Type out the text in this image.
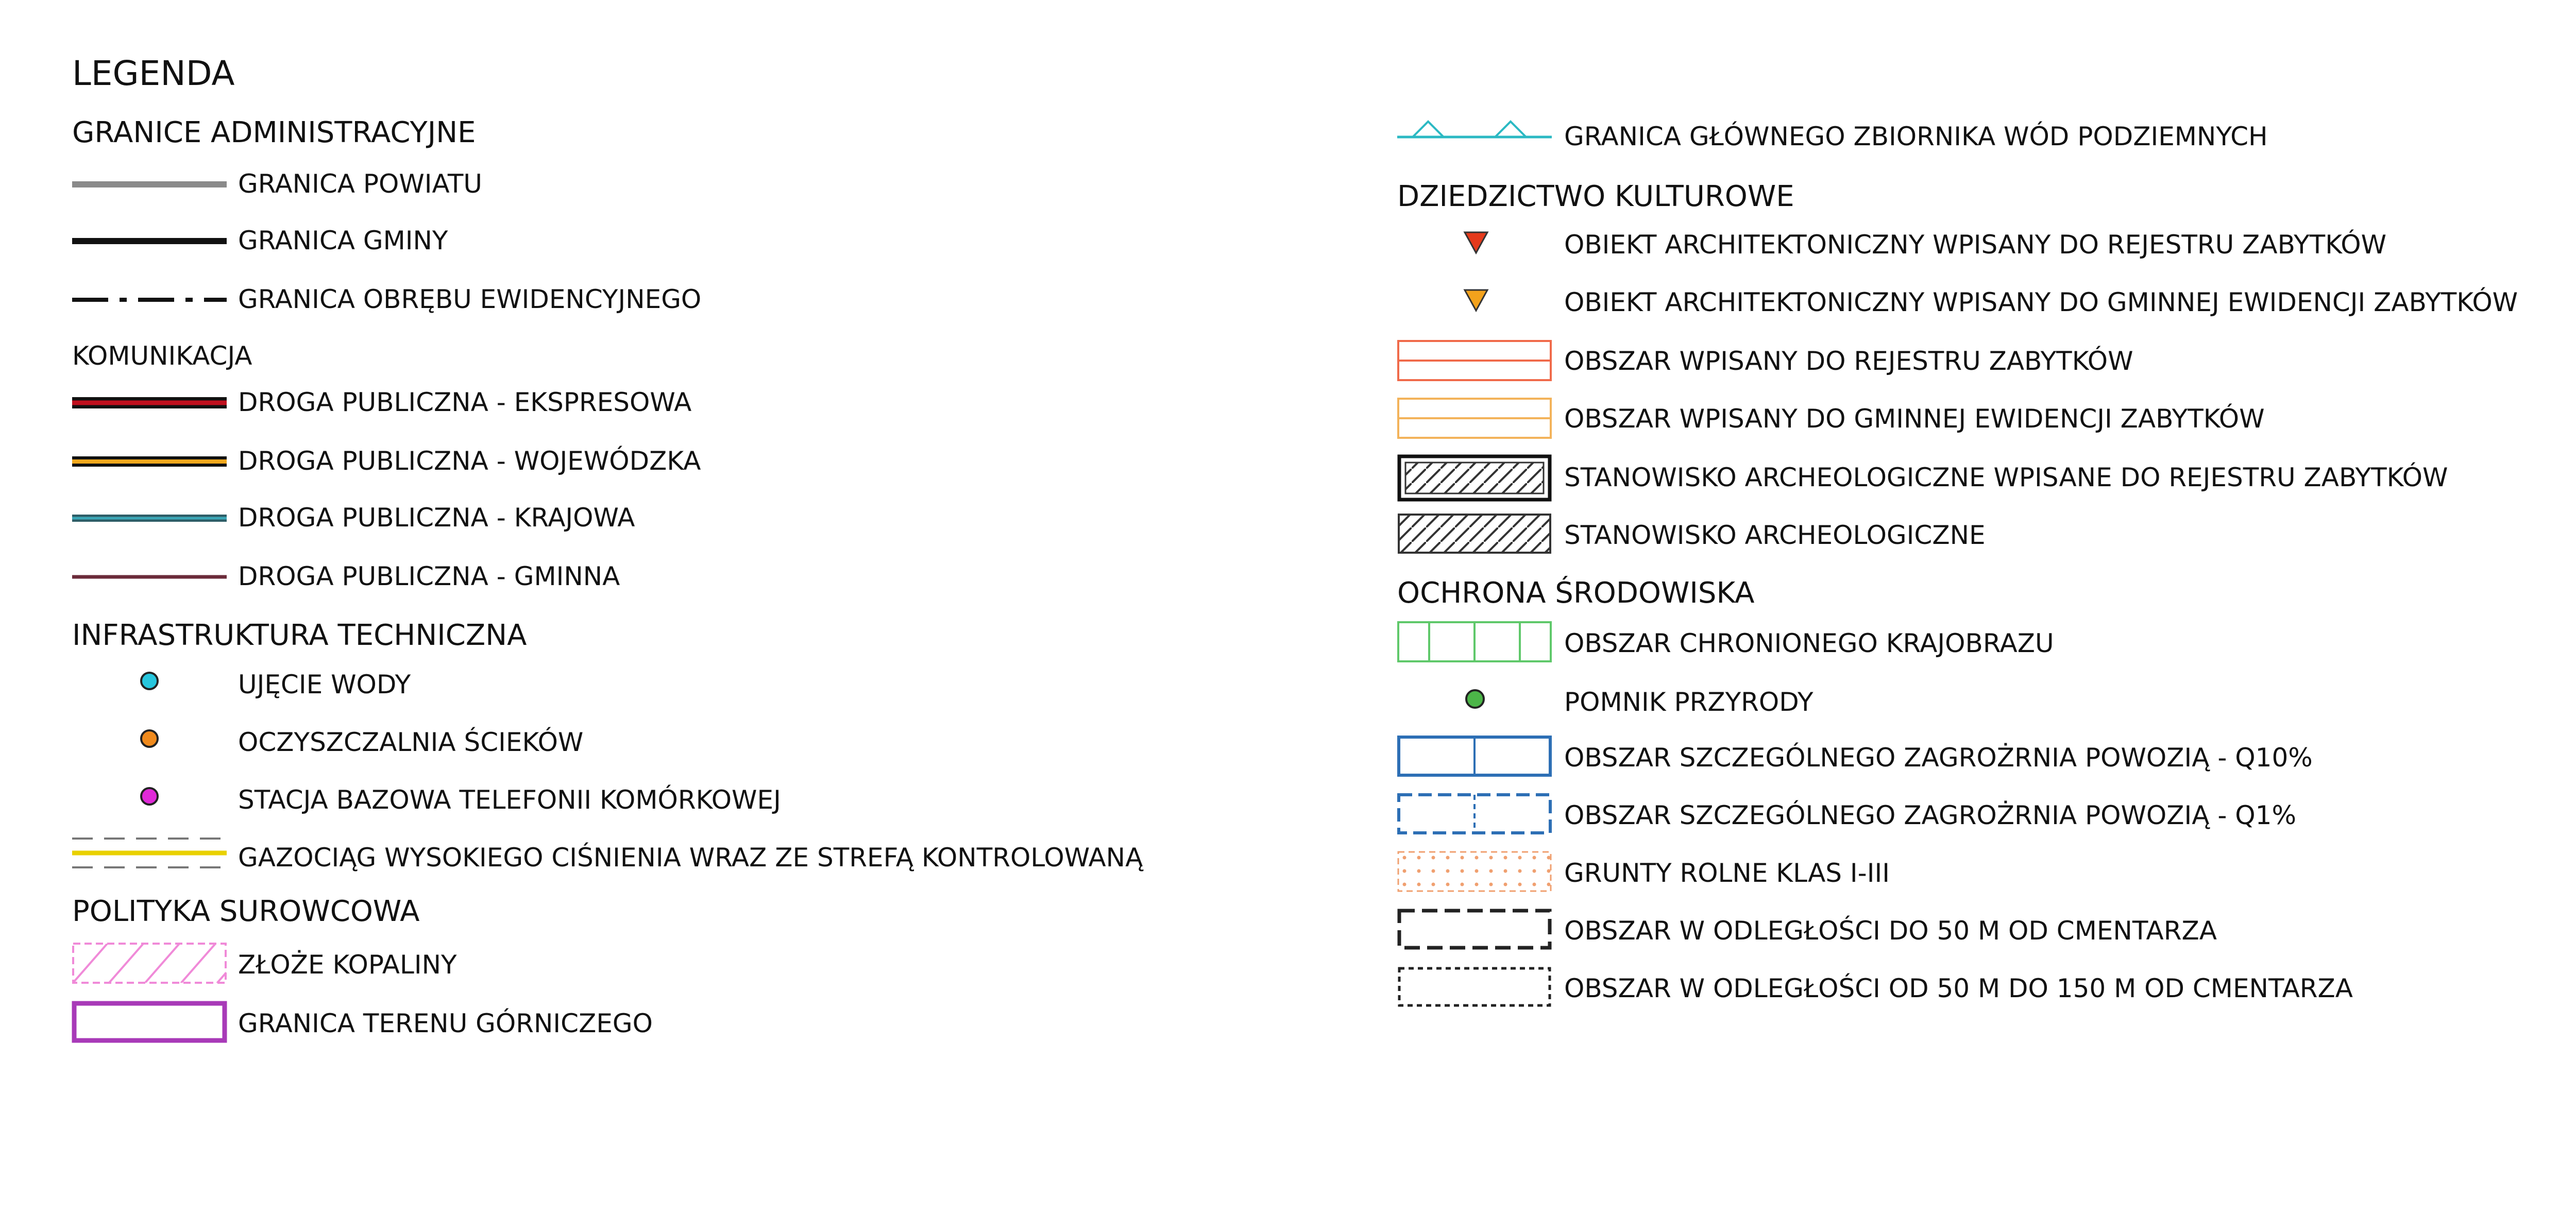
LEGENDA
GRANICE ADMINISTRACYJNE
GRANICA POWIATU
GRANICA GMINY
GRANICA OBRĘBU EWIDENCYJNEGO
KOMUNIKACJA
DROGA PUBLICZNA - EKSPRESOWA
DROGA PUBLICZNA - WOJEWÓDZKA
DROGA PUBLICZNA - KRAJOWA
DROGA PUBLICZNA - GMINNA
INFRASTRUKTURA TECHNICZNA
UJĘCIE WODY
OCZYSZCZALNIA ŚCIEKÓW
STACJA BAZOWA TELEFONII KOMÓRKOWEJ
GAZOCIĄG WYSOKIEGO CIŚNIENIA WRAZ ZE STREFĄ KONTROLOWANĄ
POLITYKA SUROWCOWA
ZŁOŻE KOPALINY
GRANICA TERENU GÓRNICZEGO
GRANICA GŁÓWNEGO ZBIORNIKA WÓD PODZIEMNYCH
DZIEDZICTWO KULTUROWE
OBIEKT ARCHITEKTONICZNY WPISANY DO REJESTRU ZABYTKÓW
OBIEKT ARCHITEKTONICZNY WPISANY DO GMINNEJ EWIDENCJI ZABYTKÓW
OBSZAR WPISANY DO REJESTRU ZABYTKÓW
OBSZAR WPISANY DO GMINNEJ EWIDENCJI ZABYTKÓW
STANOWISKO ARCHEOLOGICZNE WPISANE DO REJESTRU ZABYTKÓW
STANOWISKO ARCHEOLOGICZNE
OCHRONA ŚRODOWISKA
OBSZAR CHRONIONEGO KRAJOBRAZU
POMNIK PRZYRODY
OBSZAR SZCZEGÓLNEGO ZAGROŻRNIA POWOZIĄ - Q10%
OBSZAR SZCZEGÓLNEGO ZAGROŻRNIA POWOZIĄ - Q1%
GRUNTY ROLNE KLAS I-III
OBSZAR W ODLEGŁOŚCI DO 50 M OD CMENTARZA
OBSZAR W ODLEGŁOŚCI OD 50 M DO 150 M OD CMENTARZA
